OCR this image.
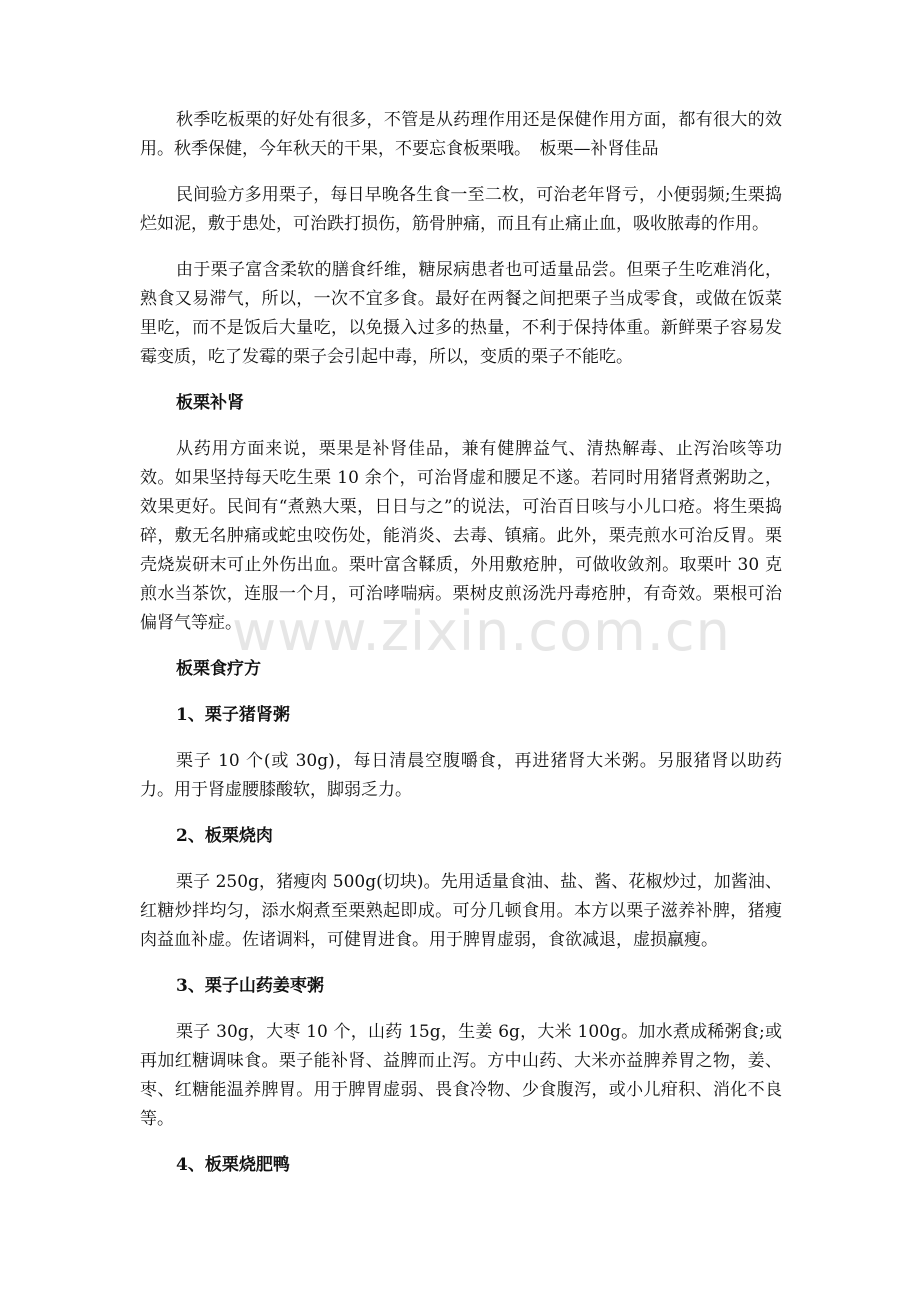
www.zixin.com.cn

秋季吃板栗的好处有很多，不管是从药理作用还是保健作用方面，都有很大的效用。秋季保健，今年秋天的干果，不要忘食板栗哦。　板栗—补肾佳品

民间验方多用栗子，每日早晚各生食一至二枚，可治老年肾亏，小便弱频;生栗捣烂如泥，敷于患处，可治跌打损伤，筋骨肿痛，而且有止痛止血，吸收脓毒的作用。

由于栗子富含柔软的膳食纤维，糖尿病患者也可适量品尝。但栗子生吃难消化，熟食又易滞气，所以，一次不宜多食。最好在两餐之间把栗子当成零食，或做在饭菜里吃，而不是饭后大量吃，以免摄入过多的热量，不利于保持体重。新鲜栗子容易发霉变质，吃了发霉的栗子会引起中毒，所以，变质的栗子不能吃。

板栗补肾

从药用方面来说，栗果是补肾佳品，兼有健脾益气、清热解毒、止泻治咳等功效。如果坚持每天吃生栗 10 余个，可治肾虚和腰足不遂。若同时用猪肾煮粥助之，效果更好。民间有“煮熟大栗，日日与之”的说法，可治百日咳与小儿口疮。将生栗捣碎，敷无名肿痛或蛇虫咬伤处，能消炎、去毒、镇痛。此外，栗壳煎水可治反胃。栗壳烧炭研末可止外伤出血。栗叶富含鞣质，外用敷疮肿，可做收敛剂。取栗叶 30 克煎水当茶饮，连服一个月，可治哮喘病。栗树皮煎汤洗丹毒疮肿，有奇效。栗根可治偏肾气等症。

板栗食疗方

1、栗子猪肾粥

栗子 10 个(或 30g)，每日清晨空腹嚼食，再进猪肾大米粥。另服猪肾以助药力。用于肾虚腰膝酸软，脚弱乏力。

2、板栗烧肉

栗子 250g，猪瘦肉 500g(切块)。先用适量食油、盐、酱、花椒炒过，加酱油、红糖炒拌均匀，添水焖煮至栗熟起即成。可分几顿食用。本方以栗子滋养补脾，猪瘦肉益血补虚。佐诸调料，可健胃进食。用于脾胃虚弱，食欲减退，虚损羸瘦。

3、栗子山药姜枣粥

栗子 30g，大枣 10 个，山药 15g，生姜 6g，大米 100g。加水煮成稀粥食;或再加红糖调味食。栗子能补肾、益脾而止泻。方中山药、大米亦益脾养胃之物，姜、枣、红糖能温养脾胃。用于脾胃虚弱、畏食冷物、少食腹泻，或小儿疳积、消化不良等。

4、板栗烧肥鸭
